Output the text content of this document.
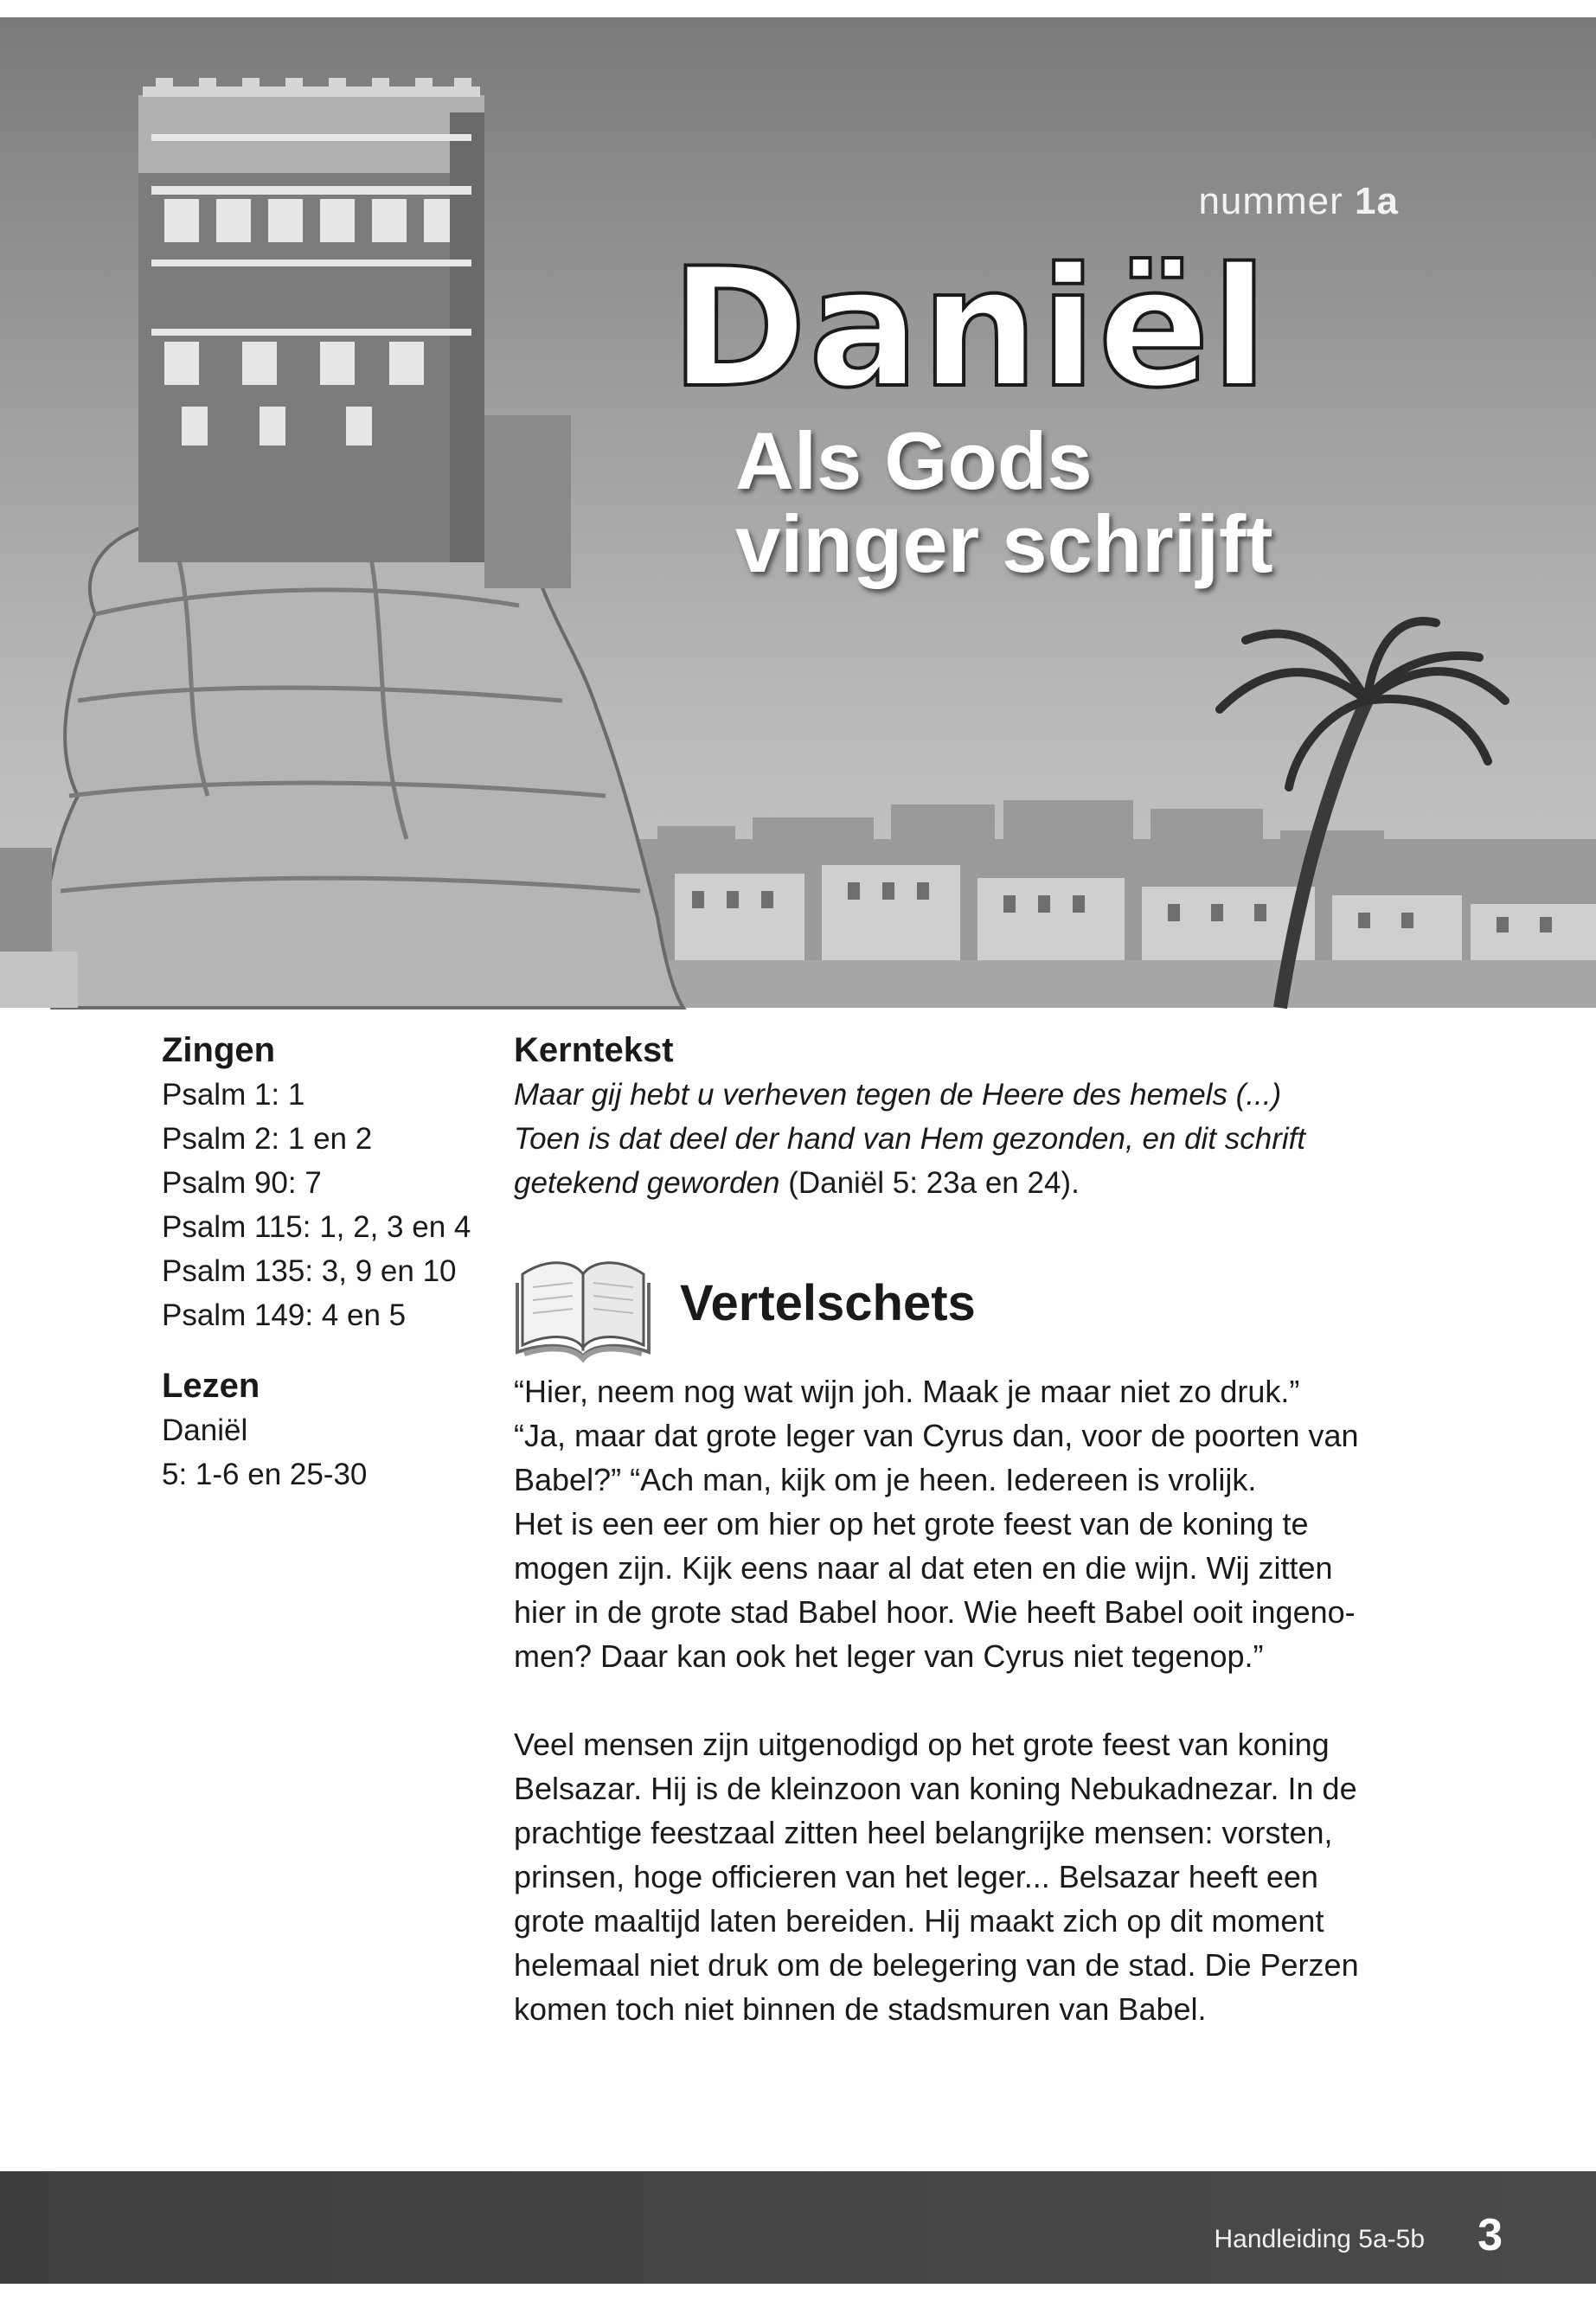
nummer 1a
Daniël
Als Gods
vinger schrijft

Zingen

Psalm 1: 1
Psalm 2: 1 en 2
Psalm 90: 7
Psalm 115: 1, 2, 3 en 4
Psalm 135: 3, 9 en 10
Psalm 149: 4 en 5

Lezen

Daniël
5: 1-6 en 25-30

Kerntekst

Maar gij hebt u verheven tegen de Heere des hemels (...)
Toen is dat deel der hand van Hem gezonden, en dit schrift
getekend geworden (Daniël 5: 23a en 24).
Vertelschets

“Hier, neem nog wat wijn joh. Maak je maar niet zo druk.”

“Ja, maar dat grote leger van Cyrus dan, voor de poorten van

Babel?” “Ach man, kijk om je heen. Iedereen is vrolijk.

Het is een eer om hier op het grote feest van de koning te

mogen zijn. Kijk eens naar al dat eten en die wijn. Wij zitten

hier in de grote stad Babel hoor. Wie heeft Babel ooit ingeno-

men? Daar kan ook het leger van Cyrus niet tegenop.”

Veel mensen zijn uitgenodigd op het grote feest van koning

Belsazar. Hij is de kleinzoon van koning Nebukadnezar. In de

prachtige feestzaal zitten heel belangrijke mensen: vorsten,

prinsen, hoge officieren van het leger... Belsazar heeft een

grote maaltijd laten bereiden. Hij maakt zich op dit moment

helemaal niet druk om de belegering van de stad. Die Perzen

komen toch niet binnen de stadsmuren van Babel.

Handleiding 5a-5b 3
